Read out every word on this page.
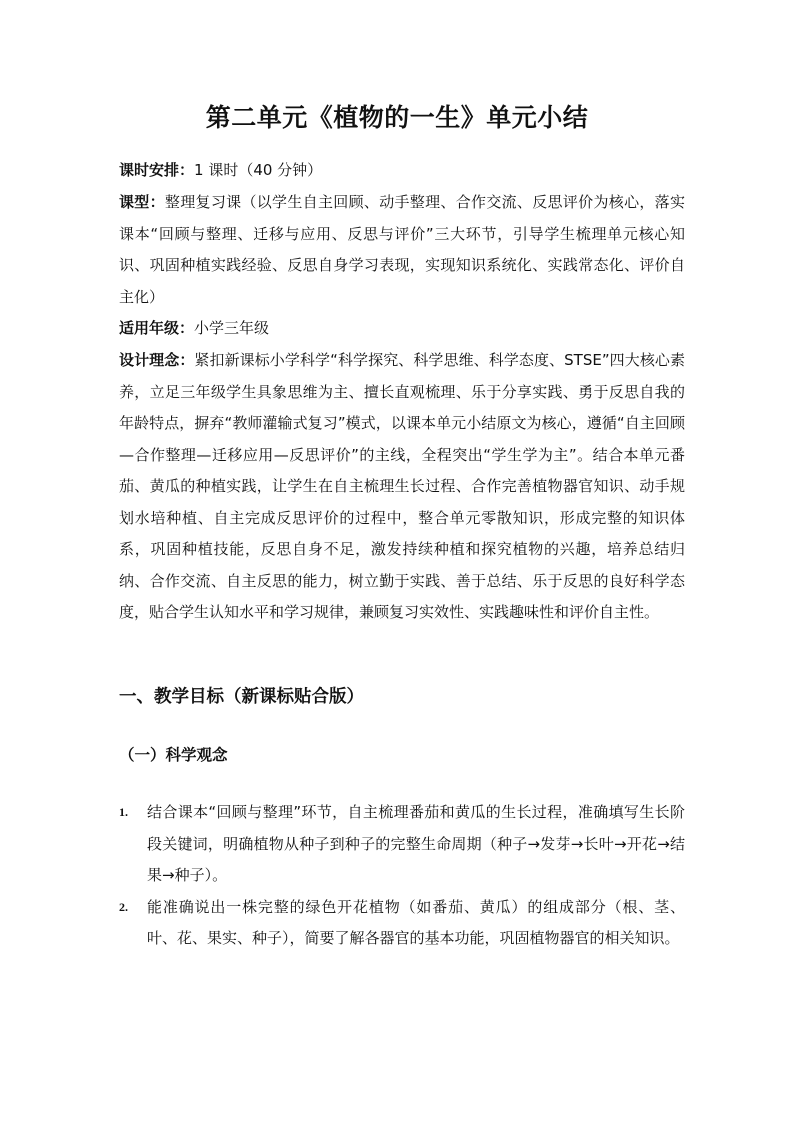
第二单元《植物的一生》单元小结
课时安排：1 课时（40 分钟）
课型：整理复习课（以学生自主回顾、动手整理、合作交流、反思评价为核心，落实课本“回顾与整理、迁移与应用、反思与评价”三大环节，引导学生梳理单元核心知识、巩固种植实践经验、反思自身学习表现，实现知识系统化、实践常态化、评价自主化）
适用年级：小学三年级
设计理念：紧扣新课标小学科学“科学探究、科学思维、科学态度、STSE”四大核心素养，立足三年级学生具象思维为主、擅长直观梳理、乐于分享实践、勇于反思自我的年龄特点，摒弃“教师灌输式复习”模式，以课本单元小结原文为核心，遵循“自主回顾—合作整理—迁移应用—反思评价”的主线，全程突出“学生学为主”。结合本单元番茄、黄瓜的种植实践，让学生在自主梳理生长过程、合作完善植物器官知识、动手规划水培种植、自主完成反思评价的过程中，整合单元零散知识，形成完整的知识体系，巩固种植技能，反思自身不足，激发持续种植和探究植物的兴趣，培养总结归纳、合作交流、自主反思的能力，树立勤于实践、善于总结、乐于反思的良好科学态度，贴合学生认知水平和学习规律，兼顾复习实效性、实践趣味性和评价自主性。
一、教学目标（新课标贴合版）
（一）科学观念
1. 结合课本“回顾与整理”环节，自主梳理番茄和黄瓜的生长过程，准确填写生长阶段关键词，明确植物从种子到种子的完整生命周期（种子→发芽→长叶→开花→结果→种子）。
2. 能准确说出一株完整的绿色开花植物（如番茄、黄瓜）的组成部分（根、茎、叶、花、果实、种子），简要了解各器官的基本功能，巩固植物器官的相关知识。
